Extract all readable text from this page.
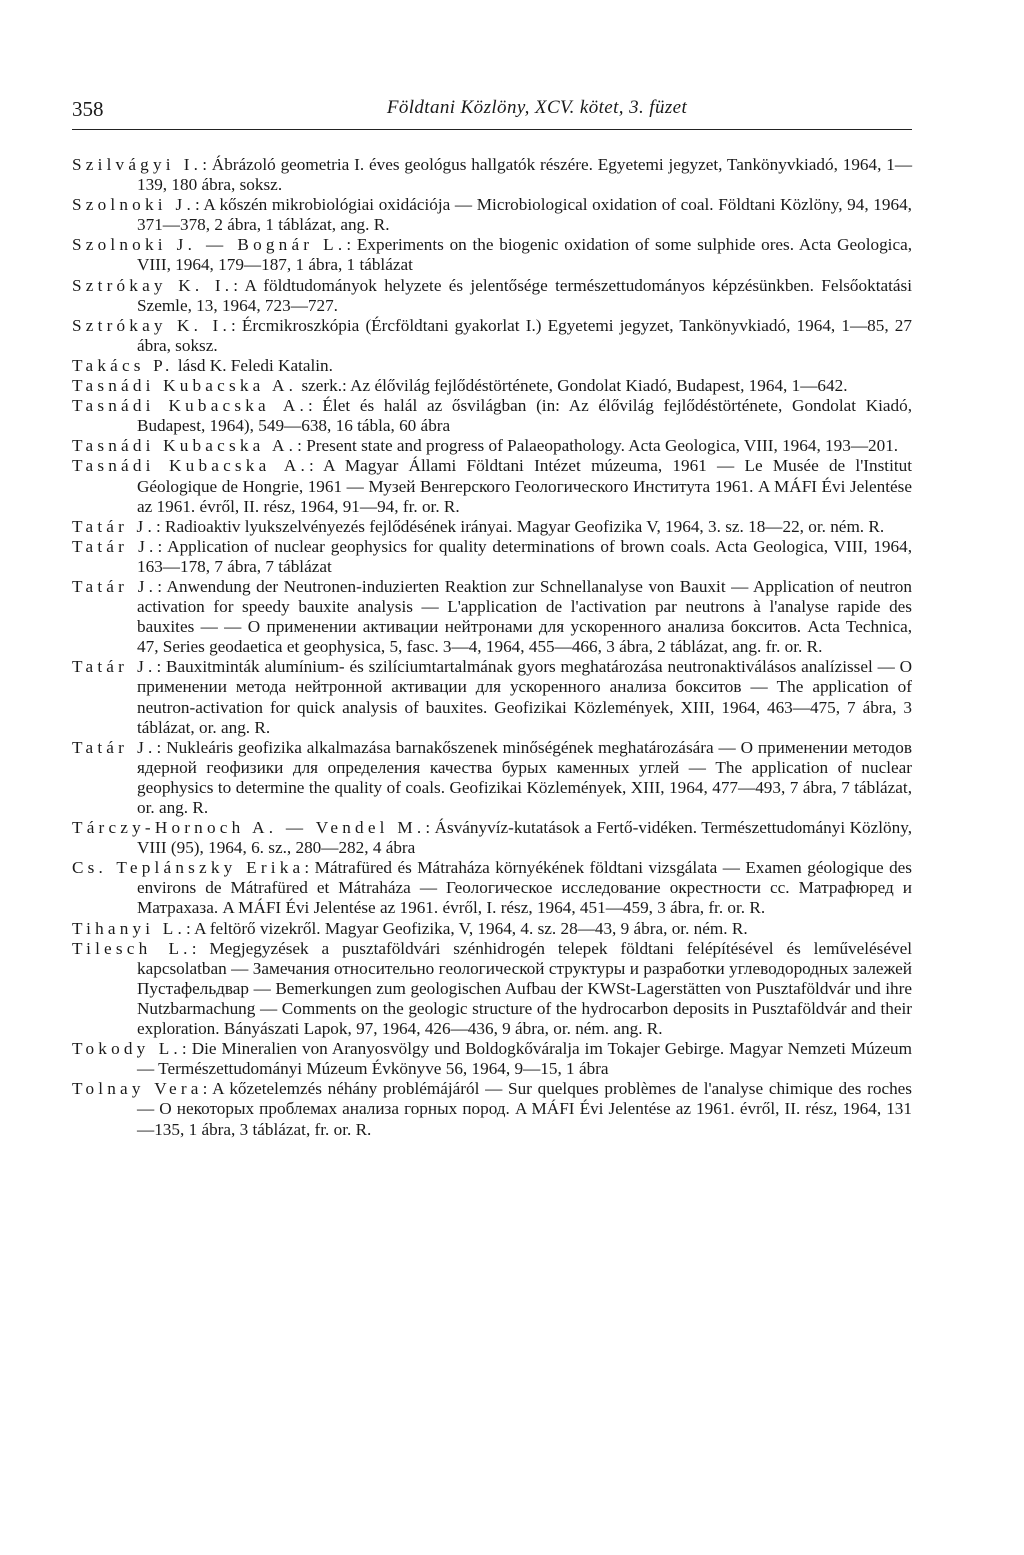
358	Földtani Közlöny, XCV. kötet, 3. füzet

Szilvágyi I.: Ábrázoló geometria I. éves geológus hallgatók részére. Egyetemi jegyzet, Tankönyvkiadó, 1964, 1—139, 180 ábra, soksz.

Szolnoki J.: A kőszén mikrobiológiai oxidációja — Microbiological oxidation of coal. Földtani Közlöny, 94, 1964, 371—378, 2 ábra, 1 táblázat, ang. R.

Szolnoki J. — Bognár L.: Experiments on the biogenic oxidation of some sulphide ores. Acta Geologica, VIII, 1964, 179—187, 1 ábra, 1 táblázat

Sztrókay K. I.: A földtudományok helyzete és jelentősége természettudományos képzésünkben. Felsőoktatási Szemle, 13, 1964, 723—727.

Sztrókay K. I.: Ércmikroszkópia (Ércföldtani gyakorlat I.) Egyetemi jegyzet, Tankönyvkiadó, 1964, 1—85, 27 ábra, soksz.

Takács P. lásd K. Feledi Katalin.

Tasnádi Kubacska A. szerk.: Az élővilág fejlődéstörténete, Gondolat Kiadó, Budapest, 1964, 1—642.

Tasnádi Kubacska A.: Élet és halál az ősvilágban (in: Az élővilág fejlődéstörténete, Gondolat Kiadó, Budapest, 1964), 549—638, 16 tábla, 60 ábra

Tasnádi Kubacska A.: Present state and progress of Palaeopathology. Acta Geologica, VIII, 1964, 193—201.

Tasnádi Kubacska A.: A Magyar Állami Földtani Intézet múzeuma, 1961 — Le Musée de l'Institut Géologique de Hongrie, 1961 — Музей Венгерского Геологического Института 1961. A MÁFI Évi Jelentése az 1961. évről, II. rész, 1964, 91—94, fr. or. R.

Tatár J.: Radioaktiv lyukszelvényezés fejlődésének irányai. Magyar Geofizika V, 1964, 3. sz. 18—22, or. ném. R.

Tatár J.: Application of nuclear geophysics for quality determinations of brown coals. Acta Geologica, VIII, 1964, 163—178, 7 ábra, 7 táblázat

Tatár J.: Anwendung der Neutronen-induzierten Reaktion zur Schnellanalyse von Bauxit — Application of neutron activation for speedy bauxite analysis — L'application de l'activation par neutrons à l'analyse rapide des bauxites — — О применении активации нейтронами для ускоренного анализа бокситов. Acta Technica, 47, Series geodaetica et geophysica, 5, fasc. 3—4, 1964, 455—466, 3 ábra, 2 táblázat, ang. fr. or. R.

Tatár J.: Bauxitminták alumínium- és szilíciumtartalmának gyors meghatározása neutronaktiválásos analízissel — О применении метода нейтронной активации для ускоренного анализа бокситов — The application of neutron-activation for quick analysis of bauxites. Geofizikai Közlemények, XIII, 1964, 463—475, 7 ábra, 3 táblázat, or. ang. R.

Tatár J.: Nukleáris geofizika alkalmazása barnakőszenek minőségének meghatározására — О применении методов ядерной геофизики для определения качества бурых каменных углей — The application of nuclear geophysics to determine the quality of coals. Geofizikai Közlemények, XIII, 1964, 477—493, 7 ábra, 7 táblázat, or. ang. R.

Tárczy-Hornoch A. — Vendel M.: Ásványvíz-kutatások a Fertő-vidéken. Természettudományi Közlöny, VIII (95), 1964, 6. sz., 280—282, 4 ábra

Cs. Teplánszky Erika: Mátrafüred és Mátraháza környékének földtani vizsgálata — Examen géologique des environs de Mátrafüred et Mátraháza — Геологическое исследование окрестности сс. Матрафюред и Матрахаза. A MÁFI Évi Jelentése az 1961. évről, I. rész, 1964, 451—459, 3 ábra, fr. or. R.

Tihanyi L.: A feltörő vizekről. Magyar Geofizika, V, 1964, 4. sz. 28—43, 9 ábra, or. ném. R.

Tilesch L.: Megjegyzések a pusztaföldvári szénhidrogén telepek földtani felépítésével és leművelésével kapcsolatban — Замечания относительно геологической структуры и разработки углеводородных залежей Пустафельдвар — Bemerkungen zum geologischen Aufbau der KWSt-Lagerstätten von Pusztaföldvár und ihre Nutzbarmachung — Comments on the geologic structure of the hydrocarbon deposits in Pusztaföldvár and their exploration. Bányászati Lapok, 97, 1964, 426—436, 9 ábra, or. ném. ang. R.

Tokody L.: Die Mineralien von Aranyosvölgy und Boldogkőváralja im Tokajer Gebirge. Magyar Nemzeti Múzeum — Természettudományi Múzeum Évkönyve 56, 1964, 9—15, 1 ábra

Tolnay Vera: A kőzetelemzés néhány problémájáról — Sur quelques problèmes de l'analyse chimique des roches — О некоторых проблемах анализа горных пород. A MÁFI Évi Jelentése az 1961. évről, II. rész, 1964, 131—135, 1 ábra, 3 táblázat, fr. or. R.
